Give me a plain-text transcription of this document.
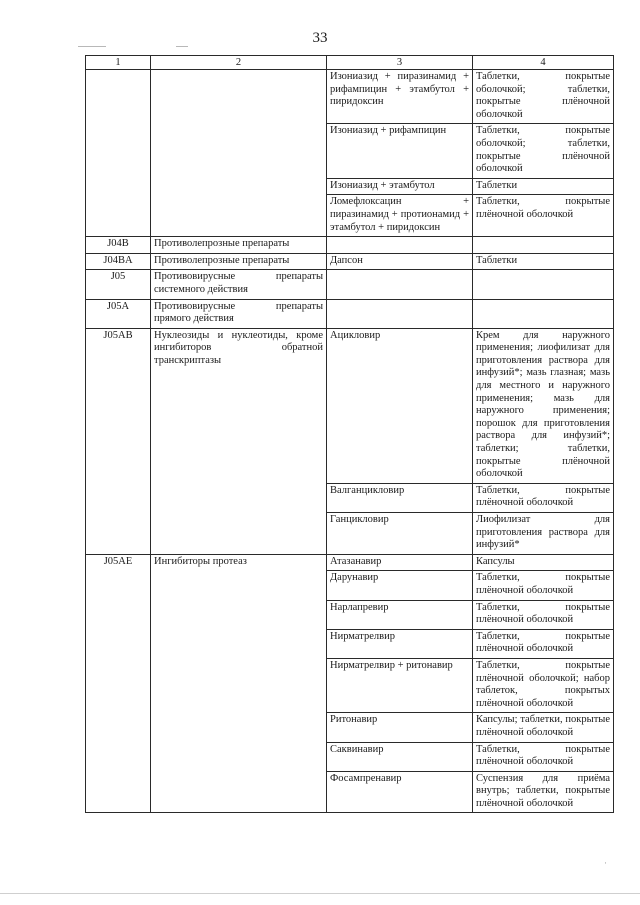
·
33
1	2	3	4
		Изониазид + пиразинамид + рифампицин + этамбутол + пиридоксин	Таблетки, покрытые оболочкой; таблетки, покрытые плёночной оболочкой
		Изониазид + рифампицин	Таблетки, покрытые оболочкой; таблетки, покрытые плёночной оболочкой
		Изониазид + этамбутол	Таблетки
		Ломефлоксацин + пиразинамид + протионамид + этамбутол + пиридоксин	Таблетки, покрытые плёночной оболочкой
J04B	Противолепрозные препараты		
J04BA	Противолепрозные препараты	Дапсон	Таблетки
J05	Противовирусные препараты системного действия		
J05A	Противовирусные препараты прямого действия		
J05AB	Нуклеозиды и нуклеотиды, кроме ингибиторов обратной транскриптазы	Ацикловир	Крем для наружного применения; лиофилизат для приготовления раствора для инфузий*; мазь глазная; мазь для местного и наружного применения; мазь для наружного применения; порошок для приготовления раствора для инфузий*; таблетки; таблетки, покрытые плёночной оболочкой
		Валганцикловир	Таблетки, покрытые плёночной оболочкой
		Ганцикловир	Лиофилизат для приготовления раствора для инфузий*
J05AE	Ингибиторы протеаз	Атазанавир	Капсулы
		Дарунавир	Таблетки, покрытые плёночной оболочкой
		Нарлапревир	Таблетки, покрытые плёночной оболочкой
		Нирматрелвир	Таблетки, покрытые плёночной оболочкой
		Нирматрелвир + ритонавир	Таблетки, покрытые плёночной оболочкой; набор таблеток, покрытых плёночной оболочкой
		Ритонавир	Капсулы; таблетки, покрытые плёночной оболочкой
		Саквинавир	Таблетки, покрытые плёночной оболочкой
		Фосампренавир	Суспензия для приёма внутрь; таблетки, покрытые плёночной оболочкой
